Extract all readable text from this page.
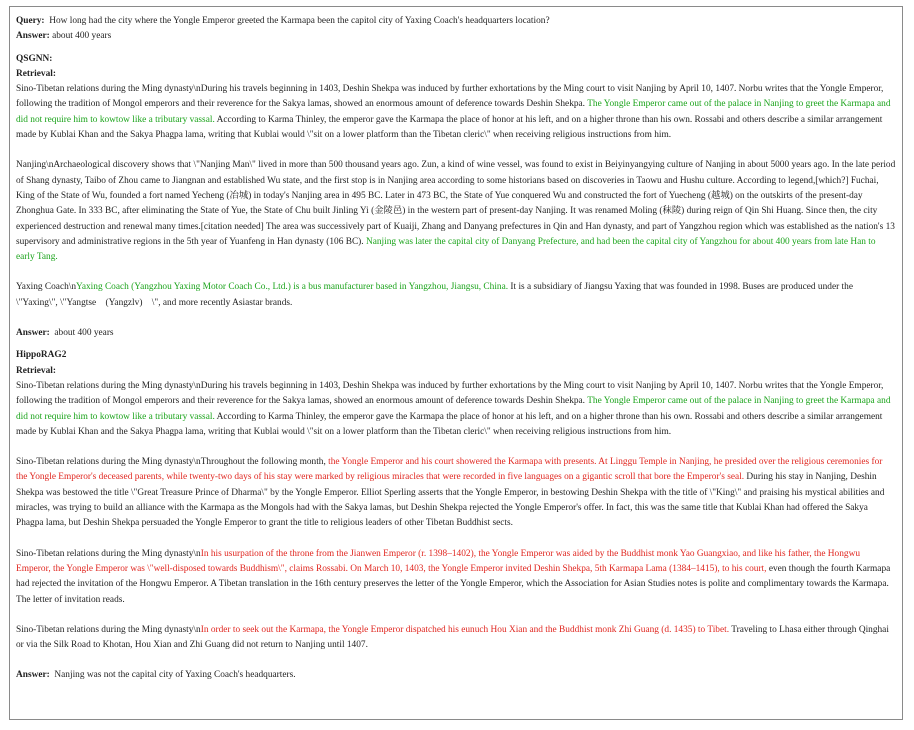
Query: How long had the city where the Yongle Emperor greeted the Karmapa been the capitol city of Yaxing Coach's headquarters location?

Answer: about 400 years

QSGNN:

Retrieval:

Sino-Tibetan relations during the Ming dynasty\nDuring his travels beginning in 1403, Deshin Shekpa was induced by further exhortations by the Ming court to visit Nanjing by April 10, 1407. Norbu writes that the Yongle Emperor, following the tradition of Mongol emperors and their reverence for the Sakya lamas, showed an enormous amount of deference towards Deshin Shekpa. The Yongle Emperor came out of the palace in Nanjing to greet the Karmapa and did not require him to kowtow like a tributary vassal. According to Karma Thinley, the emperor gave the Karmapa the place of honor at his left, and on a higher throne than his own. Rossabi and others describe a similar arrangement made by Kublai Khan and the Sakya Phagpa lama, writing that Kublai would \"sit on a lower platform than the Tibetan cleric\" when receiving religious instructions from him.

Nanjing\nArchaeological discovery shows that \"Nanjing Man\" lived in more than 500 thousand years ago. Zun, a kind of wine vessel, was found to exist in Beiyinyangying culture of Nanjing in about 5000 years ago. In the late period of Shang dynasty, Taibo of Zhou came to Jiangnan and established Wu state, and the first stop is in Nanjing area according to some historians based on discoveries in Taowu and Hushu culture. According to legend,[which?] Fuchai, King of the State of Wu, founded a fort named Yecheng (冶城) in today's Nanjing area in 495 BC. Later in 473 BC, the State of Yue conquered Wu and constructed the fort of Yuecheng (越城) on the outskirts of the present-day Zhonghua Gate. In 333 BC, after eliminating the State of Yue, the State of Chu built Jinling Yi (金陵邑) in the western part of present-day Nanjing. It was renamed Moling (秣陵) during reign of Qin Shi Huang. Since then, the city experienced destruction and renewal many times.[citation needed] The area was successively part of Kuaiji, Zhang and Danyang prefectures in Qin and Han dynasty, and part of Yangzhou region which was established as the nation's 13 supervisory and administrative regions in the 5th year of Yuanfeng in Han dynasty (106 BC). Nanjing was later the capital city of Danyang Prefecture, and had been the capital city of Yangzhou for about 400 years from late Han to early Tang.

Yaxing Coach\nYaxing Coach (Yangzhou Yaxing Motor Coach Co., Ltd.) is a bus manufacturer based in Yangzhou, Jiangsu, China. It is a subsidiary of Jiangsu Yaxing that was founded in 1998. Buses are produced under the \"Yaxing\", \"Yangtse　(Yangzlv)　\", and more recently Asiastar brands.

Answer: about 400 years

HippoRAG2

Retrieval:

Sino-Tibetan relations during the Ming dynasty\nDuring his travels beginning in 1403, Deshin Shekpa was induced by further exhortations by the Ming court to visit Nanjing by April 10, 1407. Norbu writes that the Yongle Emperor, following the tradition of Mongol emperors and their reverence for the Sakya lamas, showed an enormous amount of deference towards Deshin Shekpa. The Yongle Emperor came out of the palace in Nanjing to greet the Karmapa and did not require him to kowtow like a tributary vassal. According to Karma Thinley, the emperor gave the Karmapa the place of honor at his left, and on a higher throne than his own. Rossabi and others describe a similar arrangement made by Kublai Khan and the Sakya Phagpa lama, writing that Kublai would \"sit on a lower platform than the Tibetan cleric\" when receiving religious instructions from him.

Sino-Tibetan relations during the Ming dynasty\nThroughout the following month, the Yongle Emperor and his court showered the Karmapa with presents. At Linggu Temple in Nanjing, he presided over the religious ceremonies for the Yongle Emperor's deceased parents, while twenty-two days of his stay were marked by religious miracles that were recorded in five languages on a gigantic scroll that bore the Emperor's seal. During his stay in Nanjing, Deshin Shekpa was bestowed the title \"Great Treasure Prince of Dharma\" by the Yongle Emperor. Elliot Sperling asserts that the Yongle Emperor, in bestowing Deshin Shekpa with the title of \"King\" and praising his mystical abilities and miracles, was trying to build an alliance with the Karmapa as the Mongols had with the Sakya lamas, but Deshin Shekpa rejected the Yongle Emperor's offer. In fact, this was the same title that Kublai Khan had offered the Sakya Phagpa lama, but Deshin Shekpa persuaded the Yongle Emperor to grant the title to religious leaders of other Tibetan Buddhist sects.

Sino-Tibetan relations during the Ming dynasty\nIn his usurpation of the throne from the Jianwen Emperor (r. 1398–1402), the Yongle Emperor was aided by the Buddhist monk Yao Guangxiao, and like his father, the Hongwu Emperor, the Yongle Emperor was \"well-disposed towards Buddhism\", claims Rossabi. On March 10, 1403, the Yongle Emperor invited Deshin Shekpa, 5th Karmapa Lama (1384–1415), to his court, even though the fourth Karmapa had rejected the invitation of the Hongwu Emperor. A Tibetan translation in the 16th century preserves the letter of the Yongle Emperor, which the Association for Asian Studies notes is polite and complimentary towards the Karmapa. The letter of invitation reads.

Sino-Tibetan relations during the Ming dynasty\nIn order to seek out the Karmapa, the Yongle Emperor dispatched his eunuch Hou Xian and the Buddhist monk Zhi Guang (d. 1435) to Tibet. Traveling to Lhasa either through Qinghai or via the Silk Road to Khotan, Hou Xian and Zhi Guang did not return to Nanjing until 1407.

Answer: Nanjing was not the capital city of Yaxing Coach's headquarters.
